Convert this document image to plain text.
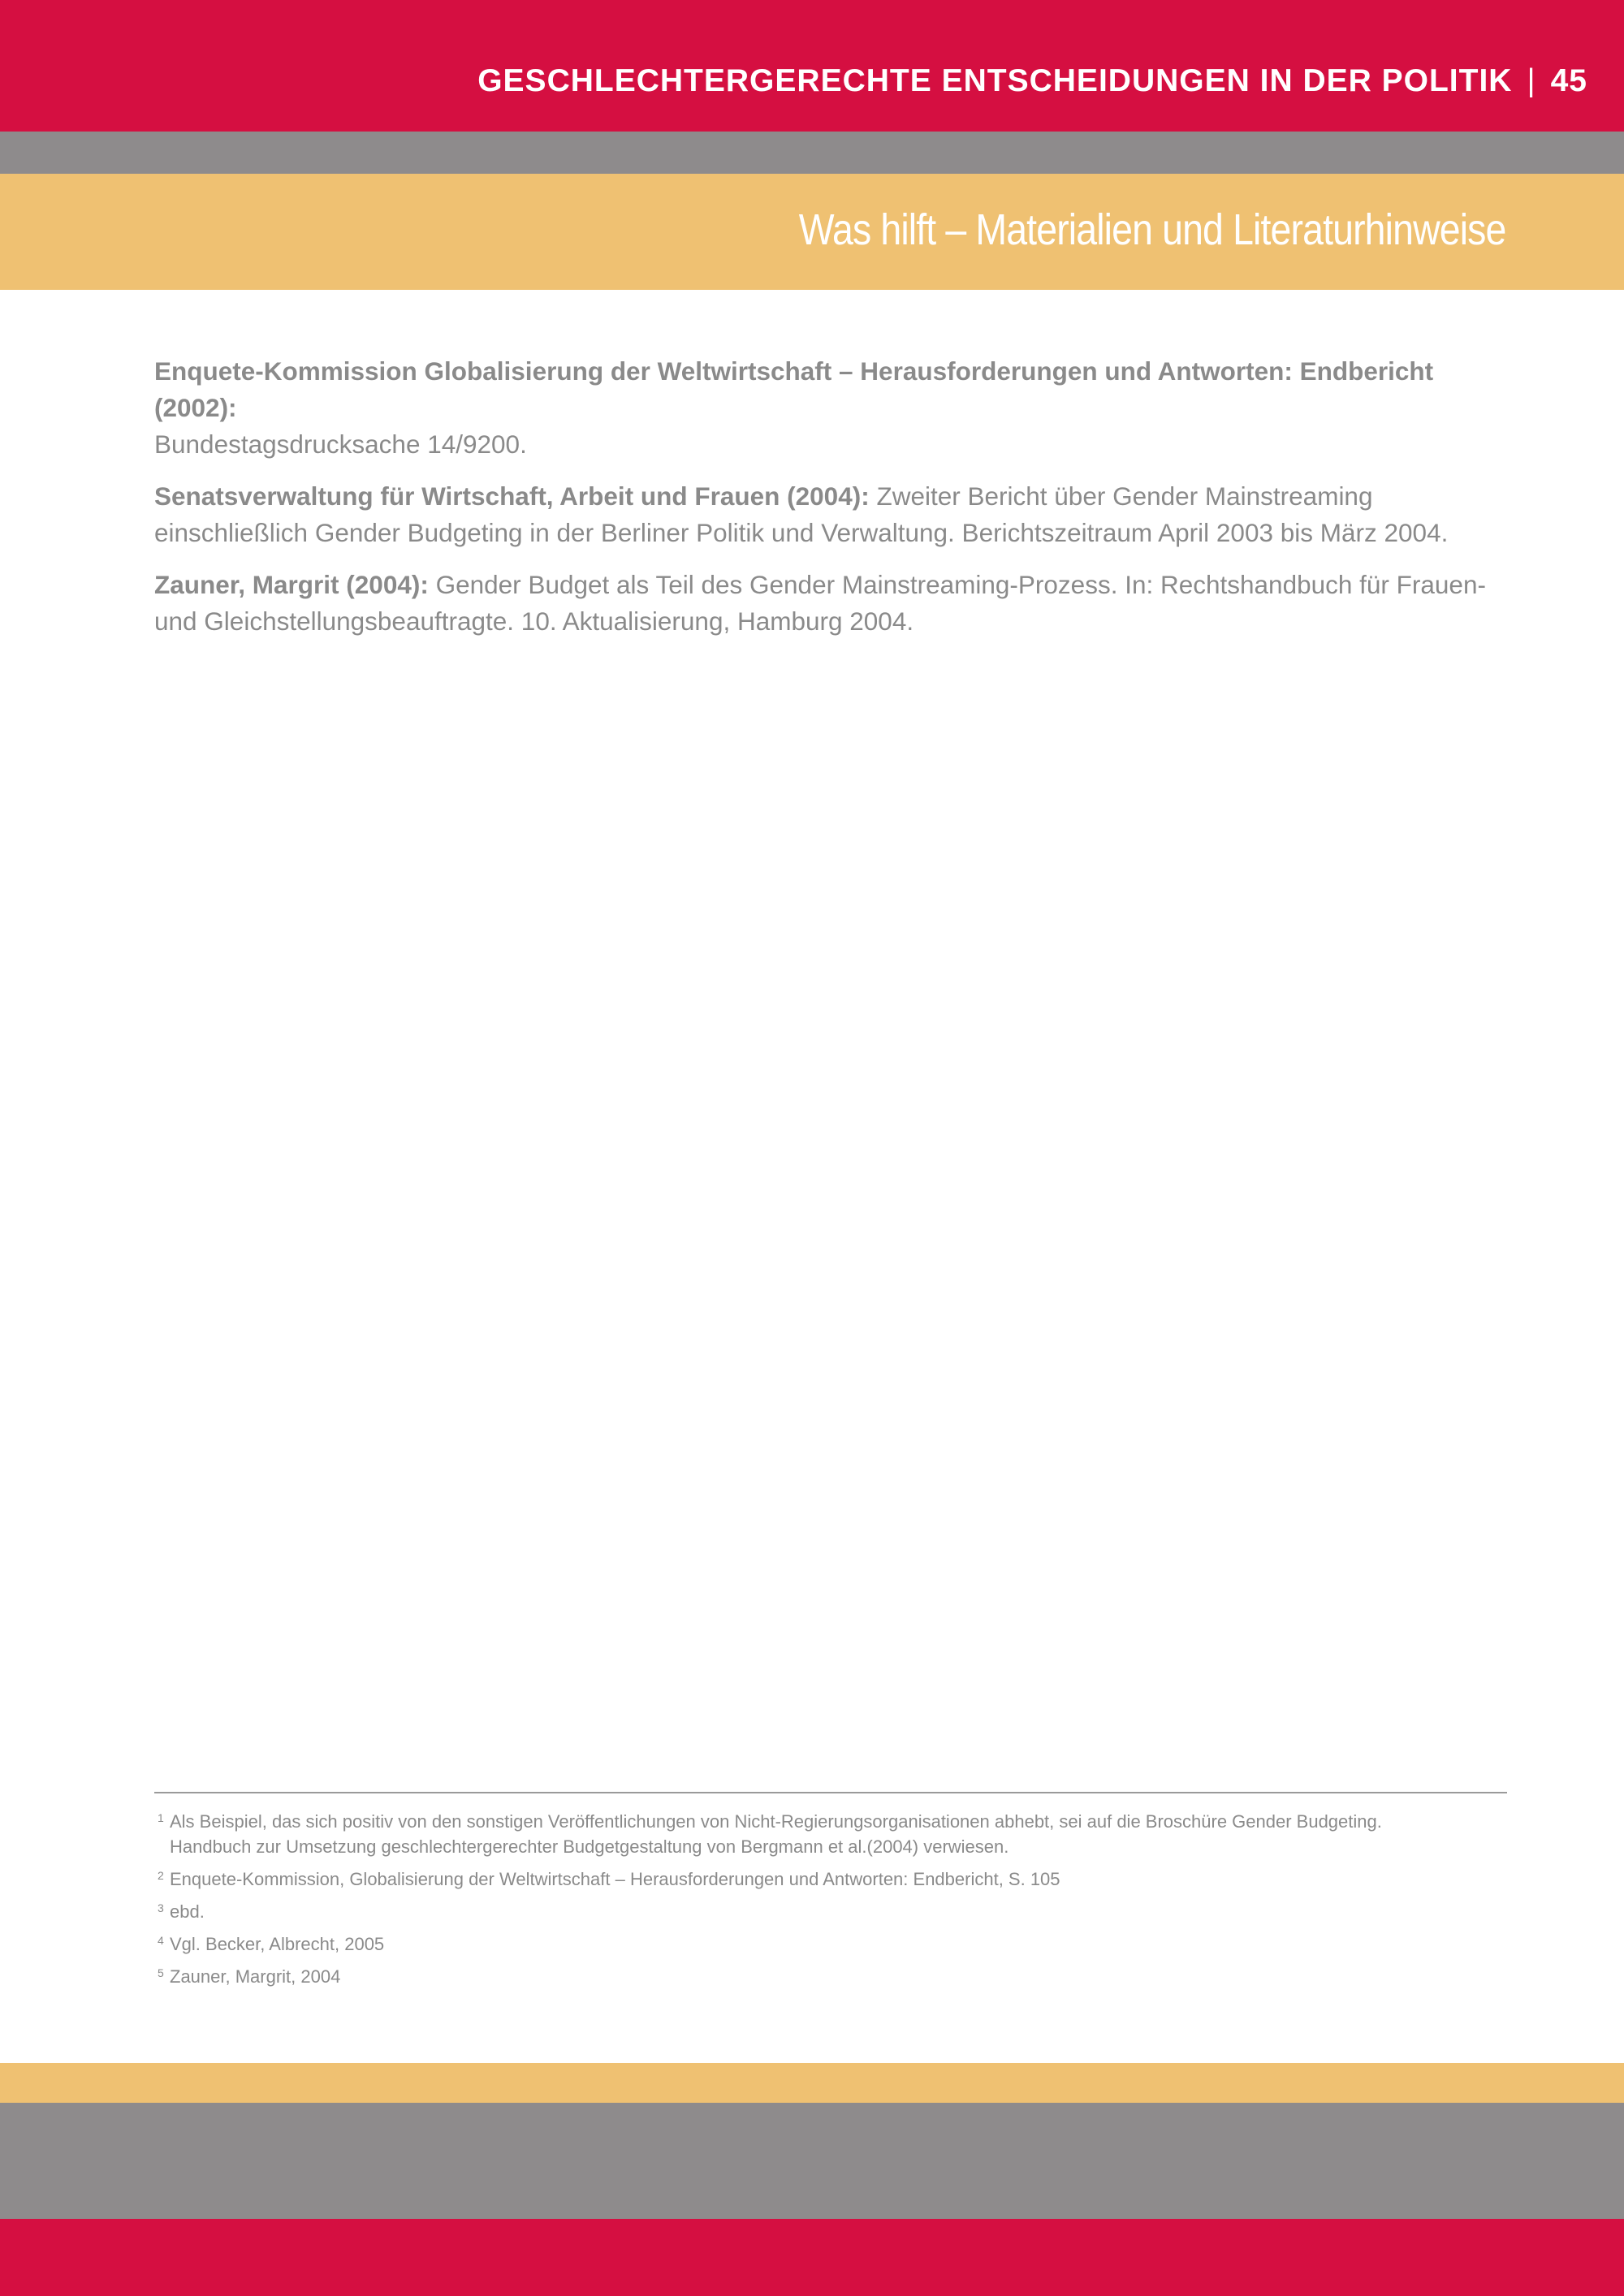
GESCHLECHTERGERECHTE ENTSCHEIDUNGEN IN DER POLITIK | 45
Was hilft – Materialien und Literaturhinweise

Enquete-Kommission Globalisierung der Weltwirtschaft – Herausforderungen und Antworten: Endbericht (2002):
Bundestagsdrucksache 14/9200.

Senatsverwaltung für Wirtschaft, Arbeit und Frauen (2004): Zweiter Bericht über Gender Mainstreaming einschließlich Gender Budgeting in der Berliner Politik und Verwaltung. Berichtszeitraum April 2003 bis März 2004.

Zauner, Margrit (2004): Gender Budget als Teil des Gender Mainstreaming-Prozess. In: Rechtshandbuch für Frauen- und Gleichstellungsbeauftragte. 10. Aktualisierung, Hamburg 2004.

1 Als Beispiel, das sich positiv von den sonstigen Veröffentlichungen von Nicht-Regierungsorganisationen abhebt, sei auf die Broschüre Gender Budgeting.
Handbuch zur Umsetzung geschlechtergerechter Budgetgestaltung von Bergmann et al.(2004) verwiesen.
2 Enquete-Kommission, Globalisierung der Weltwirtschaft – Herausforderungen und Antworten: Endbericht, S. 105
3 ebd.
4 Vgl. Becker, Albrecht, 2005
5 Zauner, Margrit, 2004
